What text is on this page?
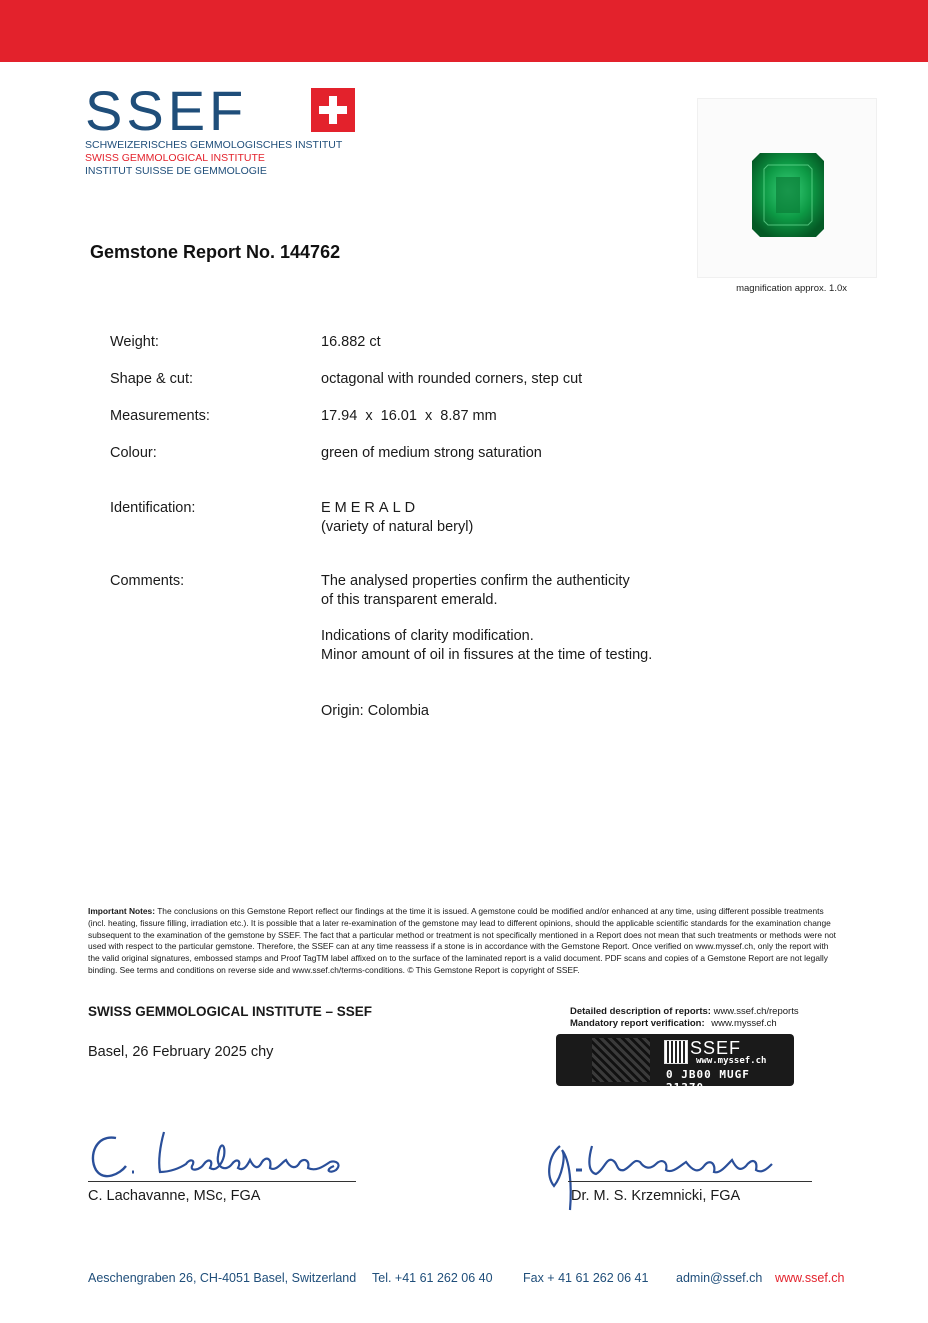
SSEF
SCHWEIZERISCHES GEMMOLOGISCHES INSTITUT
SWISS GEMMOLOGICAL INSTITUTE
INSTITUT SUISSE DE GEMMOLOGIE
magnification approx. 1.0x
Gemstone Report No. 144762
Weight:	16.882 ct
Shape & cut:	octagonal with rounded corners, step cut
Measurements:	17.94  x  16.01  x  8.87 mm
Colour:	green of medium strong saturation
Identification:	EMERALD
(variety of natural beryl)
Comments:	The analysed properties confirm the authenticity
of this transparent emerald.
Indications of clarity modification.
Minor amount of oil in fissures at the time of testing.
Origin: Colombia
Important Notes: The conclusions on this Gemstone Report reflect our findings at the time it is issued. A gemstone could be modified and/or enhanced at any time, using different possible treatments (incl. heating, fissure filling, irradiation etc.). It is possible that a later re-examination of the gemstone may lead to different opinions, should the applicable scientific standards for the examination change subsequent to the examination of the gemstone by SSEF. The fact that a particular method or treatment is not specifically mentioned in a Report does not mean that such treatments or methods were not used with respect to the particular gemstone. Therefore, the SSEF can at any time reassess if a stone is in accordance with the Gemstone Report. Once verified on www.myssef.ch, only the report with the valid original signatures, embossed stamps and Proof TagTM label affixed on to the surface of the laminated report is a valid document. PDF scans and copies of a Gemstone Report are not legally binding. See terms and conditions on reverse side and www.ssef.ch/terms-conditions. © This Gemstone Report is copyright of SSEF.
SWISS GEMMOLOGICAL INSTITUTE – SSEF
Basel, 26 February 2025 chy
Detailed description of reports: www.ssef.ch/reports
Mandatory report verification: www.myssef.ch
SSEF
www.myssef.ch
0 JB00 MUGF 21370
C. Lachavanne, MSc, FGA	Dr. M. S. Krzemnicki, FGA
Aeschengraben 26, CH-4051 Basel, Switzerland Tel. +41 61 262 06 40 Fax + 41 61 262 06 41 admin@ssef.ch www.ssef.ch
